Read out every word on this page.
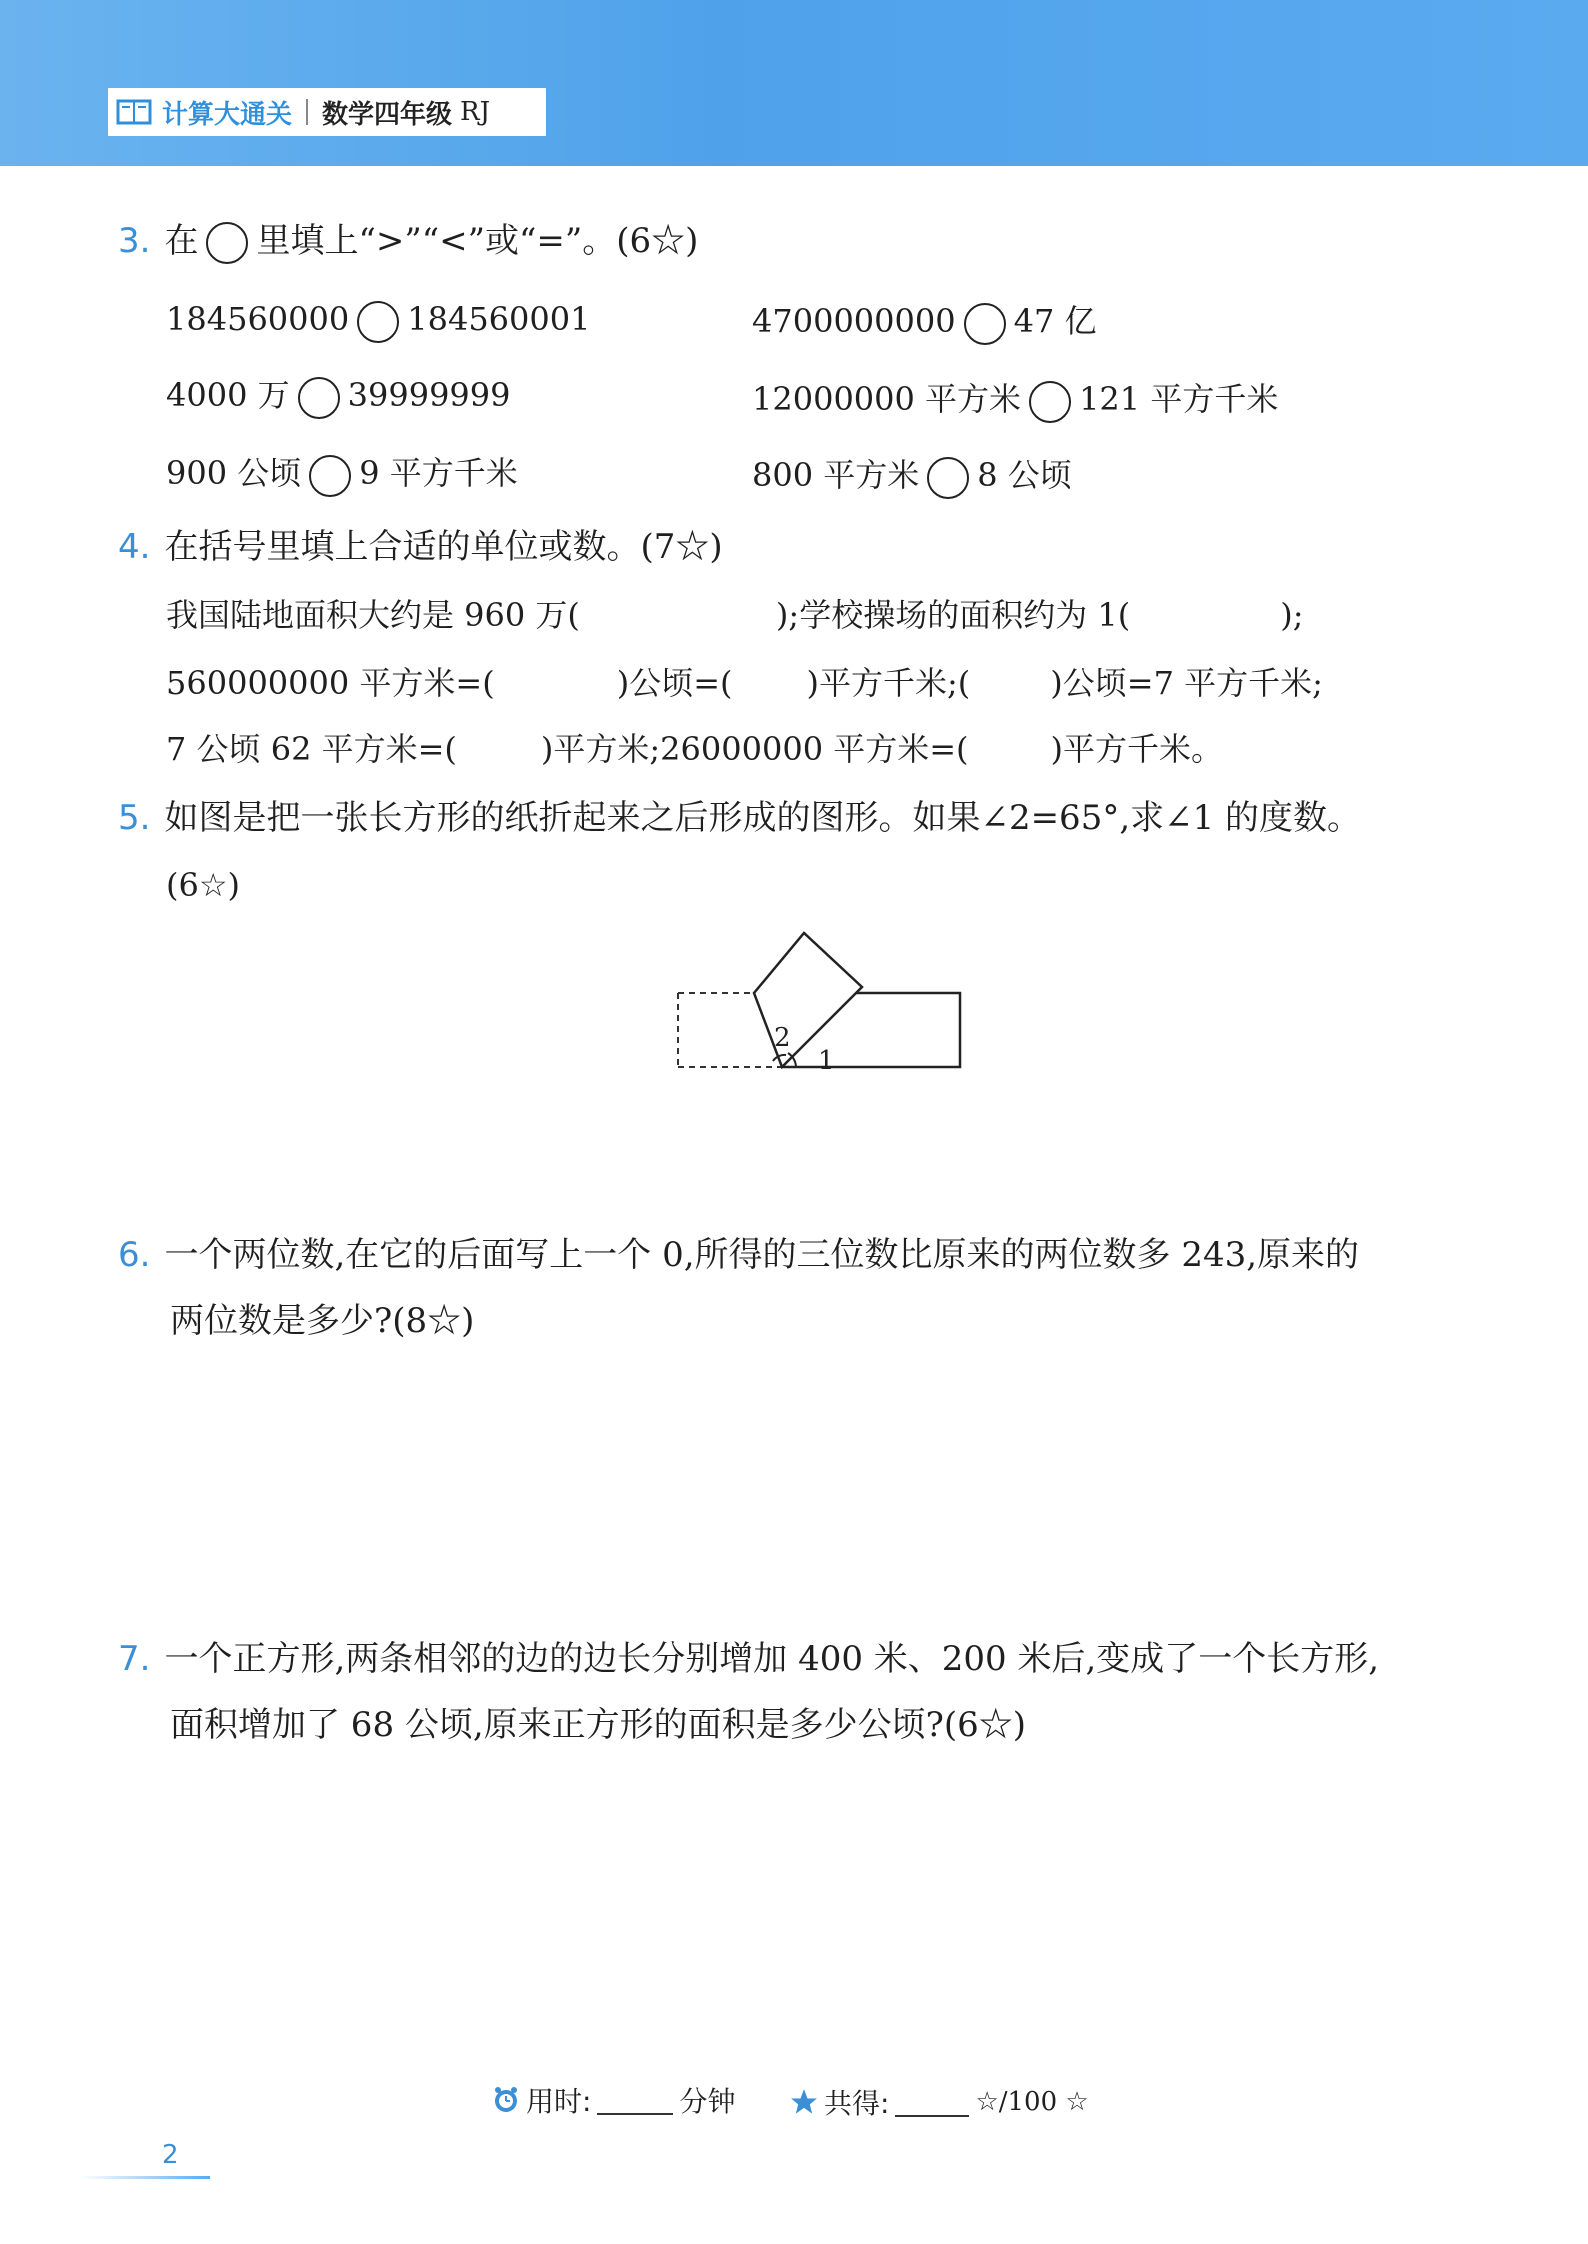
计算大通关 数学四年级 RJ
3. 在 里填上“>”“<”或“=”。(6☆)
184560000 184560001	4700000000 47 亿
4000 万 39999999	12000000 平方米 121 平方千米
900 公顷 9 平方千米	800 平方米 8 公顷
4. 在括号里填上合适的单位或数。(7☆)
我国陆地面积大约是 960 万(	);学校操场的面积约为 1(	);
560000000 平方米=(	)公顷=( )平方千米;(	)公顷=7 平方千米;
7 公顷 62 平方米=(	)平方米;26000000 平方米=(	)平方千米。
5. 如图是把一张长方形的纸折起来之后形成的图形。如果∠2=65°,求∠1 的度数。
(6☆)
2
1
6. 一个两位数,在它的后面写上一个 0,所得的三位数比原来的两位数多 243,原来的
两位数是多少?(8☆)
7. 一个正方形,两条相邻的边的边长分别增加 400 米、200 米后,变成了一个长方形,
面积增加了 68 公顷,原来正方形的面积是多少公顷?(6☆)
用时:	分钟	共得:	☆/100 ☆
2
